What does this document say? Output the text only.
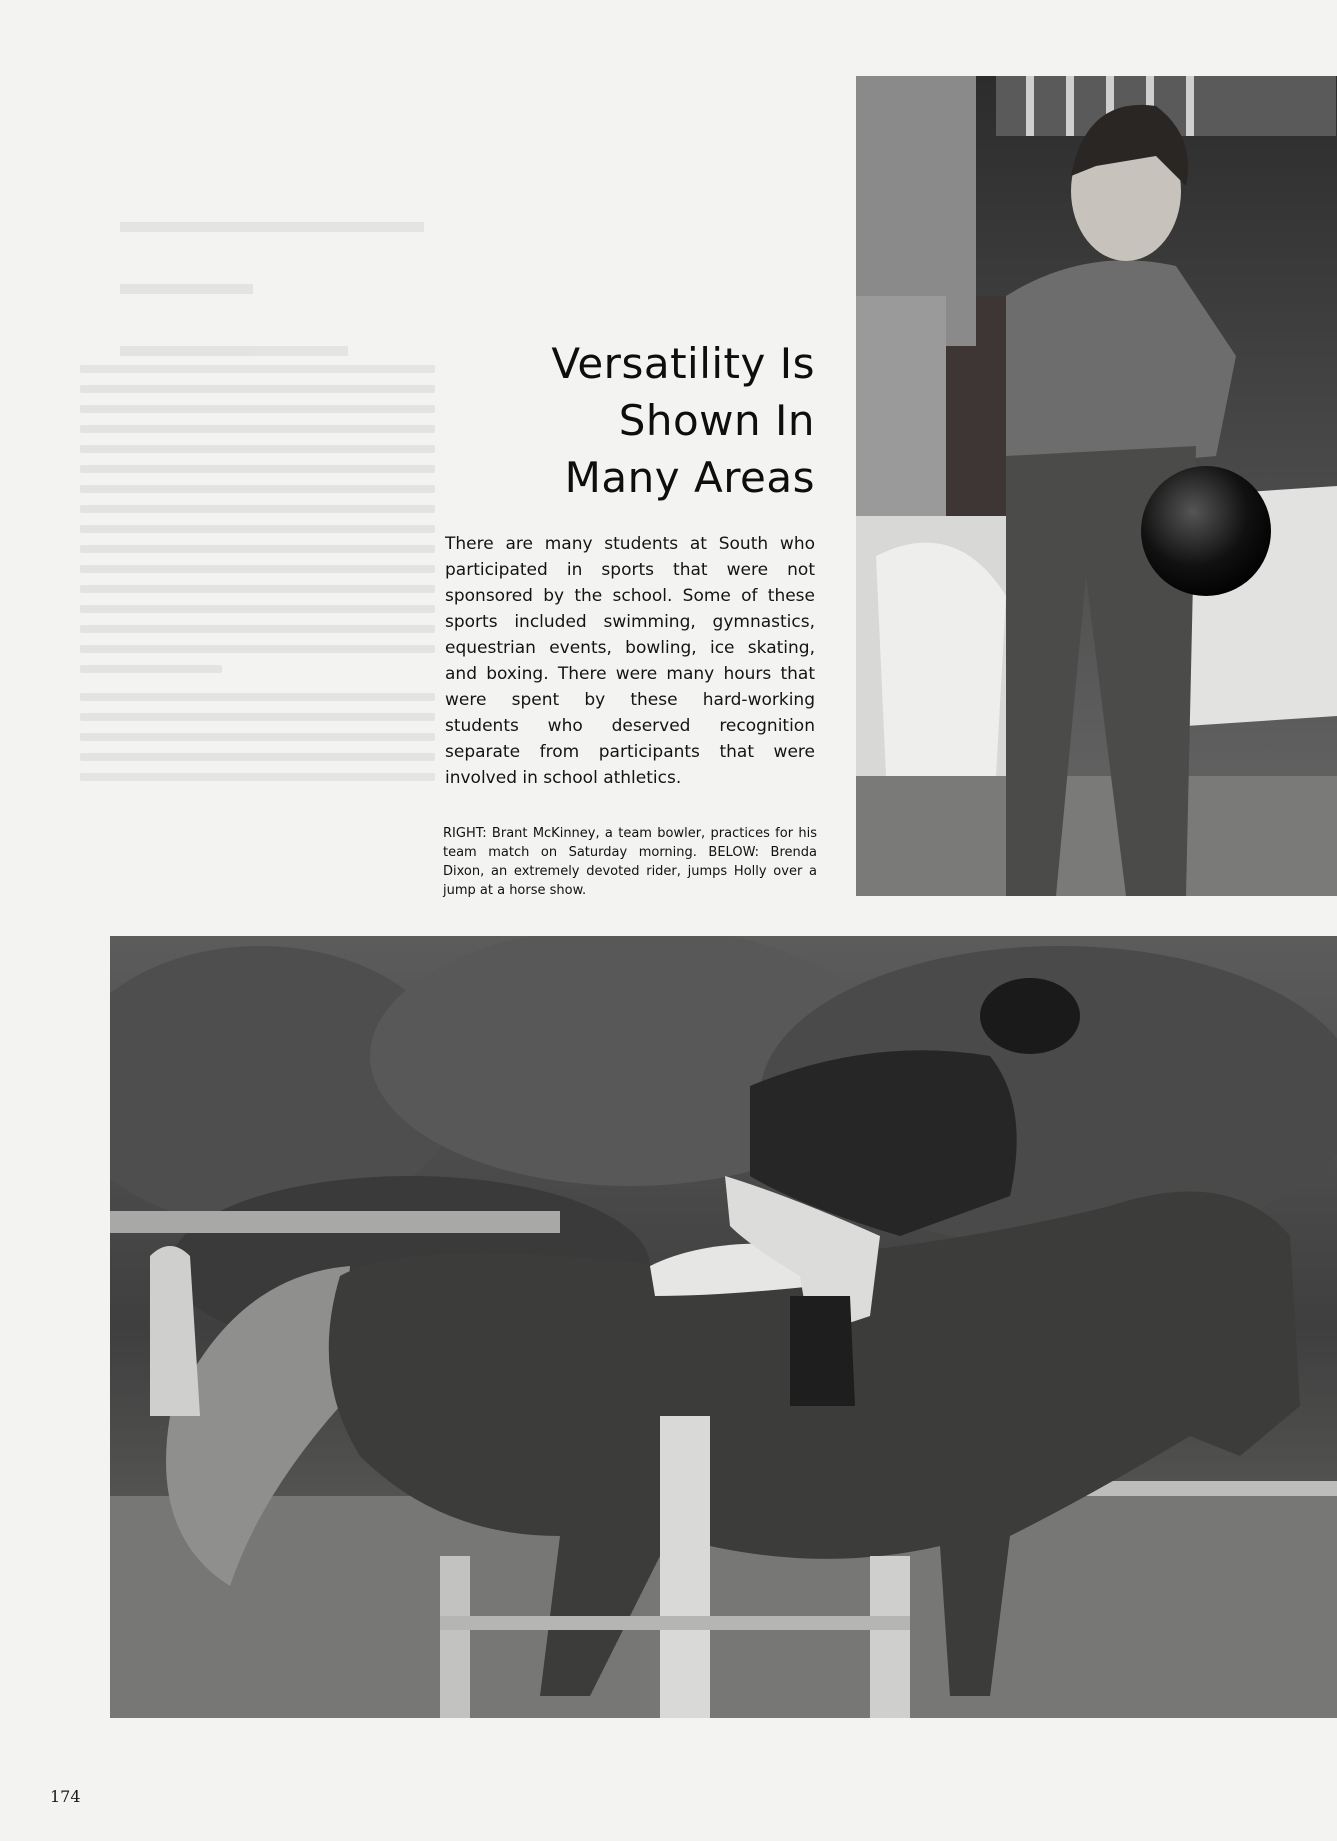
Versatility Is
Shown In
Many Areas

There are many students at South who participated in sports that were not sponsored by the school. Some of these sports included swimming, gymnastics, equestrian events, bowling, ice skating, and boxing. There were many hours that were spent by these hard-working students who deserved recognition separate from participants that were involved in school athletics.

RIGHT: Brant McKinney, a team bowler, practices for his team match on Saturday morning. BELOW: Brenda Dixon, an extremely devoted rider, jumps Holly over a jump at a horse show.

174
